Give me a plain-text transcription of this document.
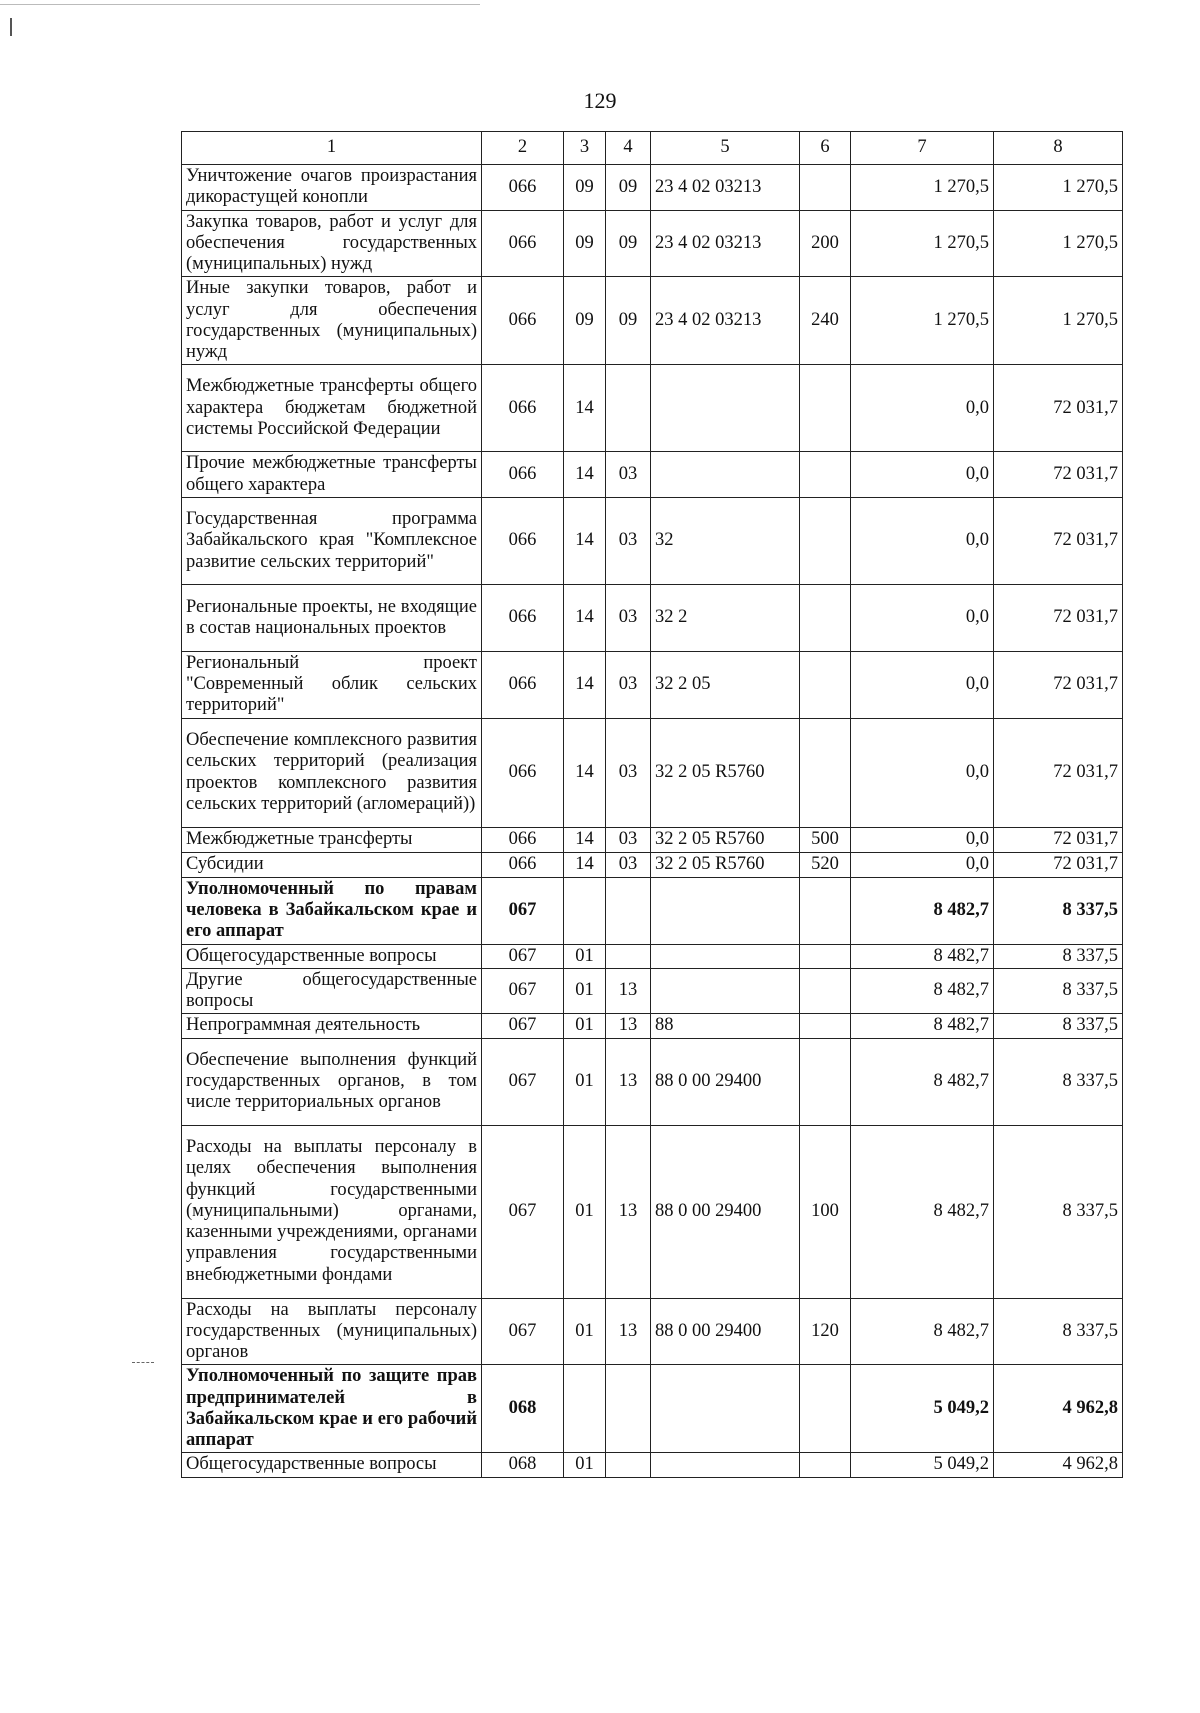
129
1	2	3	4	5	6	7	8
Уничтожение очагов произрастания дикорастущей конопли	066	09	09	23 4 02 03213		1 270,5	1 270,5
Закупка товаров, работ и услуг для обеспечения государственных (муниципальных) нужд	066	09	09	23 4 02 03213	200	1 270,5	1 270,5
Иные закупки товаров, работ и услуг для обеспечения государственных (муниципальных) нужд	066	09	09	23 4 02 03213	240	1 270,5	1 270,5
Межбюджетные трансферты общего характера бюджетам бюджетной системы Российской Федерации	066	14				0,0	72 031,7
Прочие межбюджетные трансферты общего характера	066	14	03			0,0	72 031,7
Государственная программа Забайкальского края "Комплексное развитие сельских территорий"	066	14	03	32		0,0	72 031,7
Региональные проекты, не входящие в состав национальных проектов	066	14	03	32 2		0,0	72 031,7
Региональный проект "Современный облик сельских территорий"	066	14	03	32 2 05		0,0	72 031,7
Обеспечение комплексного развития сельских территорий (реализация проектов комплексного развития сельских территорий (агломераций))	066	14	03	32 2 05 R5760		0,0	72 031,7
Межбюджетные трансферты	066	14	03	32 2 05 R5760	500	0,0	72 031,7
Субсидии	066	14	03	32 2 05 R5760	520	0,0	72 031,7
Уполномоченный по правам человека в Забайкальском крае и его аппарат	067					8 482,7	8 337,5
Общегосударственные вопросы	067	01				8 482,7	8 337,5
Другие общегосударственные вопросы	067	01	13			8 482,7	8 337,5
Непрограммная деятельность	067	01	13	88		8 482,7	8 337,5
Обеспечение выполнения функций государственных органов, в том числе территориальных органов	067	01	13	88 0 00 29400		8 482,7	8 337,5
Расходы на выплаты персоналу в целях обеспечения выполнения функций государственными (муниципальными) органами, казенными учреждениями, органами управления государственными внебюджетными фондами	067	01	13	88 0 00 29400	100	8 482,7	8 337,5
Расходы на выплаты персоналу государственных (муниципальных) органов	067	01	13	88 0 00 29400	120	8 482,7	8 337,5
Уполномоченный по защите прав предпринимателей в Забайкальском крае и его рабочий аппарат	068					5 049,2	4 962,8
Общегосударственные вопросы	068	01				5 049,2	4 962,8
